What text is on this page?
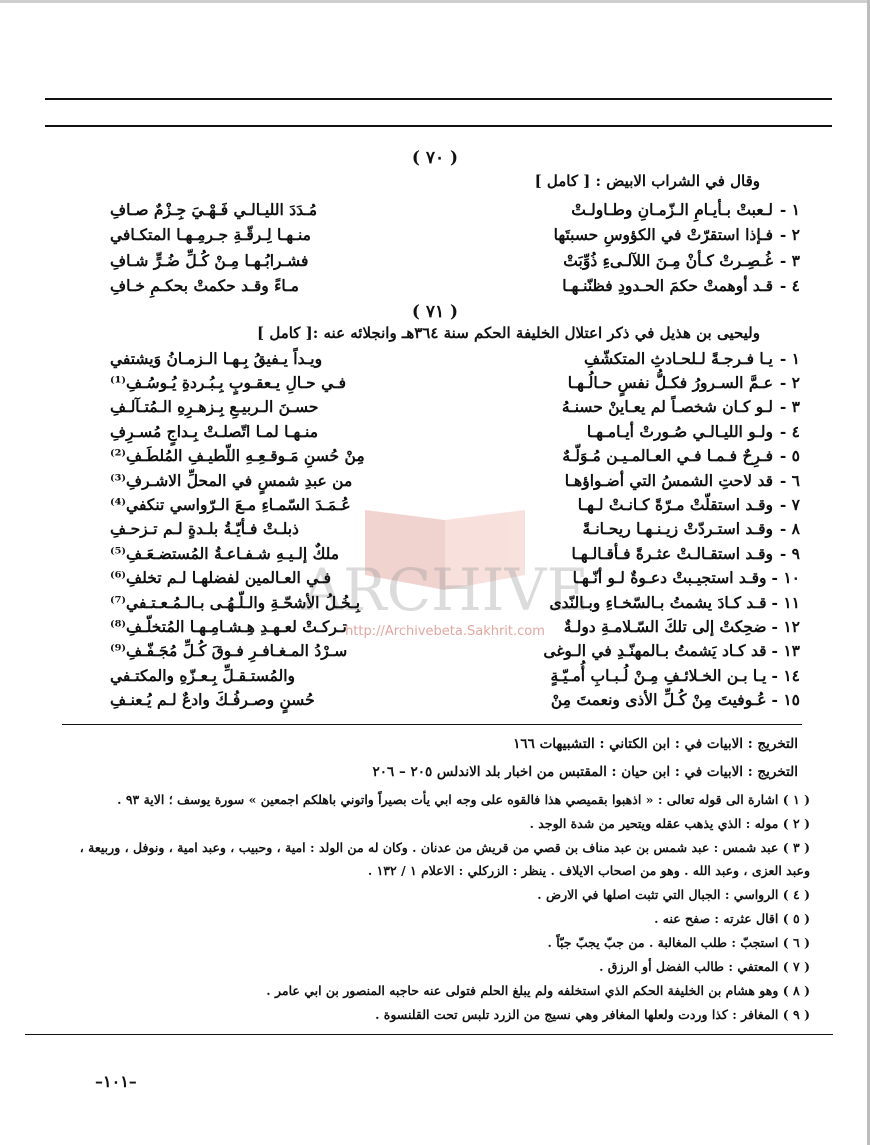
ARCHIVE
http://Archivebeta.Sakhrit.com
( ٧٠ )
وقال في الشراب الابيض : [ كامل ]
١ -
لـعبتْ بـأيـامِ الـزّمـانِ وطـاولـتْ
مُـدَدَ الليـالـي فَـهْـيَ جِـزْمٌ صـافِ
٢ -
فـإذا استقرّتْ في الكؤوسِ حسبتَها
منـهـا لِـرقّـةِ جـرمِـهـا المتكـافي
٣ -
غُـصِـرتْ كـأنْ مِـنَ اللآلـىءِ ذُوِّبَتْ
فشـرابُـهـا مِـنْ كُـلِّ ضُـرٍّ شـافِ
٤ -
قـد أوهمتْ حكمَ الحـدودِ فظنّنـهـا
مـاءً وقـد حكمتْ بحكـمِ خـافِ
( ٧١ )
وليحيى بن هذيل في ذكر اعتلال الخليفة الحكم سنة ٣٦٤هـ وانجلائه عنه :[ كامل ]
١ -
يـا فـرجـةً لـلحـادثِ المتكشّفِ
ويـداً يـفيقُ بِـهـا الـزمـانُ وَيشتفي
٢ -
عـمَّ السـرورُ فكـلُّ نفسٍ حـالُـهـا
فـي حـالِ يـعقـوبٍ بِـبُـردةِ يُـوسُـفِ⁽¹⁾
٣ -
لـو كـان شخصـاً لم يعـاينْ حسنـهُ
حسـنَ الـربيـعِ بِـزهـرِهِ الـمُتـآلـفِ
٤ -
ولـو الليـالـي صُـورتْ أيـامـهـا
منـهـا لمـا اتّصلـتْ بِـداجٍ مُسـرِفِ
٥ -
فـرِحٌ فـمـا فـي العـالمـيـن مُـوَلّـهٌ
مِنْ حُسنِ مَـوقـعِـهِ اللّطيـفِ المُلطَـفِ⁽²⁾
٦ -
قد لاحتِ الشمسُ التي أضـواؤهـا
من عبدِ شمسٍ في المحلِّ الاشـرفِ⁽³⁾
٧ -
وقـد استقلّتْ مـرّةً كـانـتْ لـهـا
عُـمَـدَ السّمـاءِ مـعَ الـرّواسي تنكفي⁽⁴⁾
٨ -
وقـد استـردّتْ زيـنـهـا ريحـانـةً
ذبلـتْ فـأيّـةُ بلـدةٍ لـم تـزحـفِ
٩ -
وقـد استقـالـتْ عثـرةً فـأقـالـهـا
ملكٌ إلـيـهِ شـفـاعـةُ المُستضـعَـفِ⁽⁵⁾
١٠ -
وقـد استجيـبتْ دعـوةٌ لـو أنّـهـا
فـي العـالمين لفضلهـا لـم تخلفِ⁽⁶⁾
١١ -
قـد كـادَ يشمتُ بـالسّخـاءِ وبـالنّدى
بِـخُـلُ الأشحّـةِ والـلّـهُـى بـالـمُـعـتـفي⁽⁷⁾
١٢ -
ضحِكتْ إلى تلكَ السّـلامـةِ دولـةٌ
تـركـتْ لعـهـدِ هِـشـامِـهـا المُتخلّـفِ⁽⁸⁾
١٣ -
قد كـاد يَشمتُ بـالمهنّـدِ في الـوغى
سـرْدُ المـغـافـرِ فـوقَ كُـلِّ مُجَـفّـفِ⁽⁹⁾
١٤ -
يـا بـن الخـلائـفِ مِـنْ لُـبـابِ أُمـيّـةٍ
والمُستـقـلِّ بِـعـزّهِ والمكتـفي
١٥ -
عُـوفيتَ مِنْ كُـلِّ الأذى ونعمتَ مِنْ
حُسنٍ وصـرفُـكَ وادعٌ لـم يُـعنـفِ
التخريج : الابيات في : ابن الكتاني : التشبيهات ١٦٦
التخريج : الابيات في : ابن حيان : المقتبس من اخبار بلد الاندلس ٢٠٥ – ٢٠٦
( ١ ) اشارة الى قوله تعالى : « اذهبوا بقميصي هذا فالقوه على وجه ابي يأت بصيراً واتوني باهلكم اجمعين » سورة يوسف ؛ الاية ٩٣ .
( ٢ ) موله : الذي يذهب عقله ويتحير من شدة الوجد .
( ٣ ) عبد شمس : عبد شمس بن عبد مناف بن قصي من قريش من عدنان . وكان له من الولد : امية ، وحبيب ، وعبد امية ، ونوفل ، وربيعة ، وعبد العزى ، وعبد الله . وهو من اصحاب الايلاف . ينظر : الزركلي : الاعلام ١ / ١٣٢ .
( ٤ ) الرواسي : الجبال التي تثبت اصلها في الارض .
( ٥ ) اقال عثرته : صفح عنه .
( ٦ ) استجبّ : طلب المغالبة . من جبّ يجبّ جبّاً .
( ٧ ) المعتفي : طالب الفضل أو الرزق .
( ٨ ) وهو هشام بن الخليفة الحكم الذي استخلفه ولم يبلغ الحلم فتولى عنه حاجبه المنصور بن ابي عامر .
( ٩ ) المغافر : كذا وردت ولعلها المغافر وهي نسيج من الزرد تلبس تحت القلنسوة .
–١٠١–
